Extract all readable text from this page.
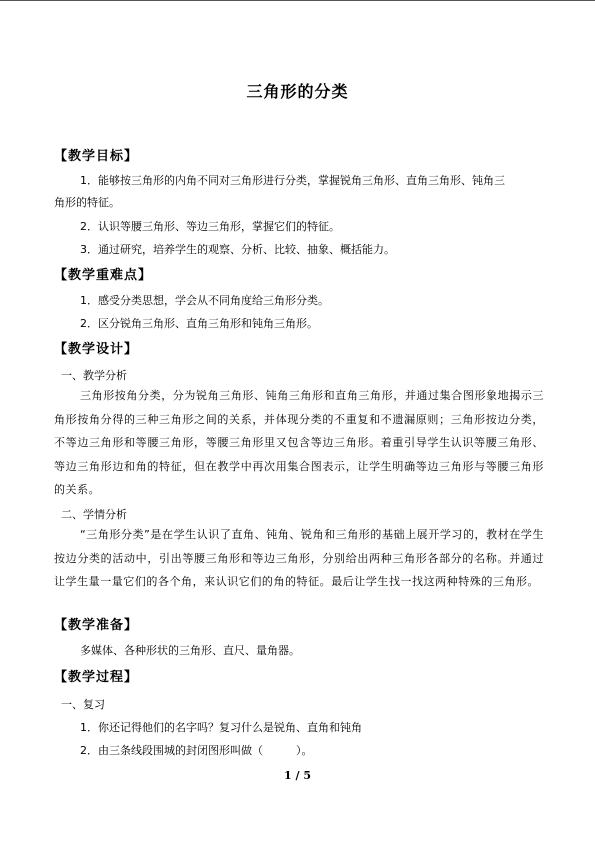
三角形的分类
【教学目标】
1．能够按三角形的内角不同对三角形进行分类，掌握锐角三角形、直角三角形、钝角三
角形的特征。
2．认识等腰三角形、等边三角形，掌握它们的特征。
3．通过研究，培养学生的观察、分析、比较、抽象、概括能力。
【教学重难点】
1．感受分类思想，学会从不同角度给三角形分类。
2．区分锐角三角形、直角三角形和钝角三角形。
【教学设计】
一、教学分析
三角形按角分类，分为锐角三角形、钝角三角形和直角三角形，并通过集合图形象地揭示三角形按角分得的三种三角形之间的关系，并体现分类的不重复和不遗漏原则；三角形按边分类，不等边三角形和等腰三角形，等腰三角形里又包含等边三角形。着重引导学生认识等腰三角形、等边三角形边和角的特征，但在教学中再次用集合图表示，让学生明确等边三角形与等腰三角形的关系。
二、学情分析
“三角形分类”是在学生认识了直角、钝角、锐角和三角形的基础上展开学习的，教材在学生按边分类的活动中，引出等腰三角形和等边三角形，分别给出两种三角形各部分的名称。并通过让学生量一量它们的各个角，来认识它们的角的特征。最后让学生找一找这两种特殊的三角形。
【教学准备】
多媒体、各种形状的三角形、直尺、量角器。
【教学过程】
一、复习
1．你还记得他们的名字吗？复习什么是锐角、直角和钝角
2．由三条线段围城的封闭图形叫做（　　　）。
1 / 5
